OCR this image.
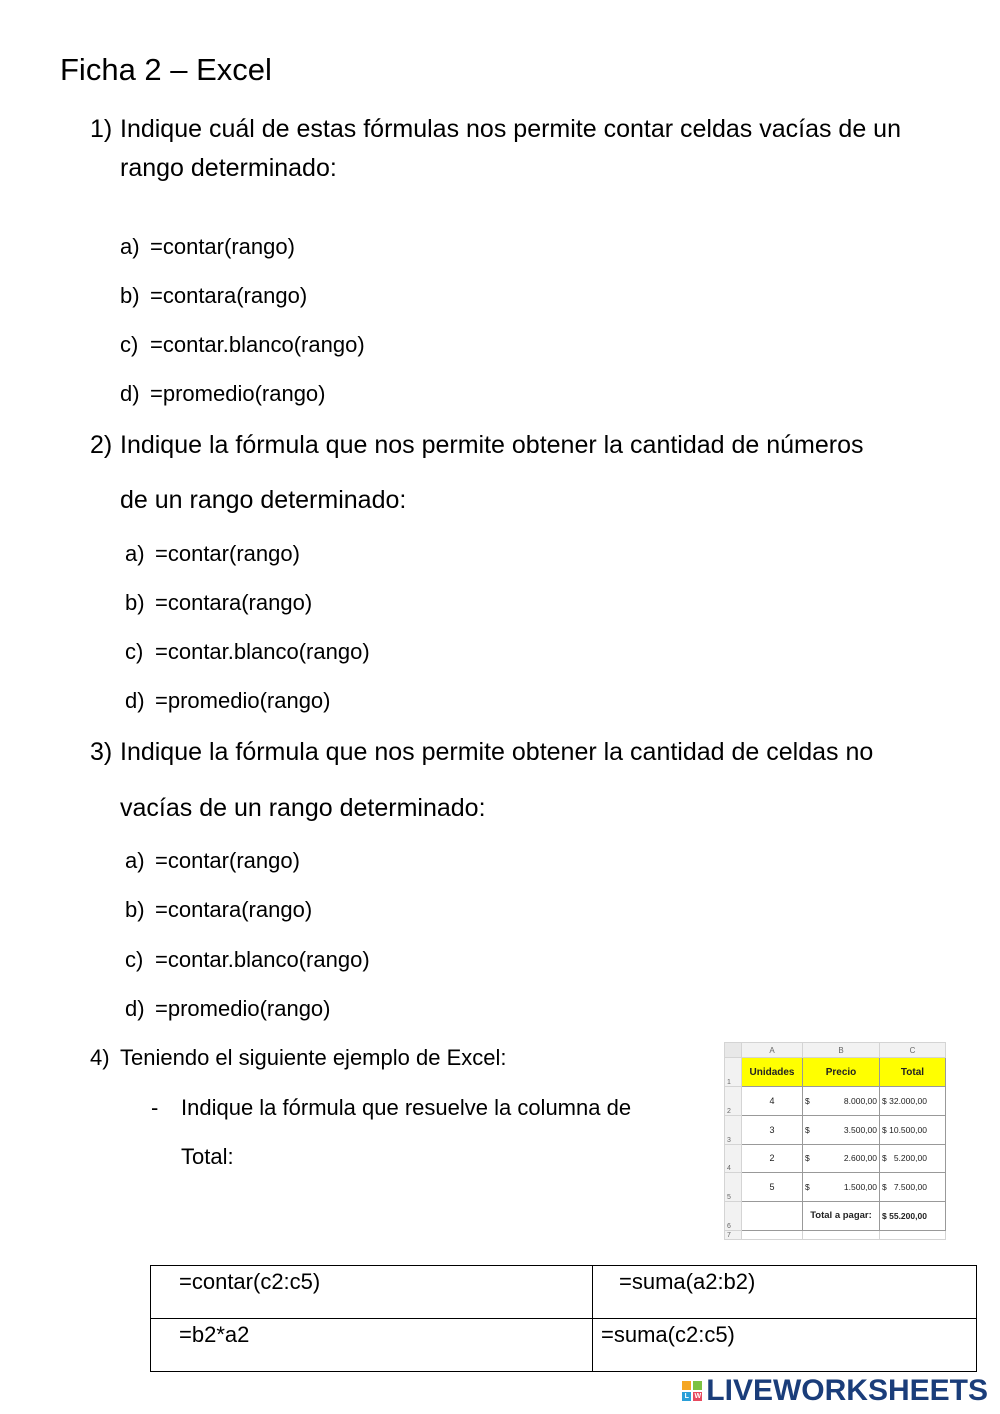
Ficha 2 – Excel
1) Indique cuál de estas fórmulas nos permite contar celdas vacías de un
rango determinado:
a) =contar(rango)
b) =contara(rango)
c) =contar.blanco(rango)
d) =promedio(rango)
2) Indique la fórmula que nos permite obtener la cantidad de números
de un rango determinado:
a) =contar(rango)
b) =contara(rango)
c) =contar.blanco(rango)
d) =promedio(rango)
3) Indique la fórmula que nos permite obtener la cantidad de celdas no
vacías de un rango determinado:
a) =contar(rango)
b) =contara(rango)
c) =contar.blanco(rango)
d) =promedio(rango)
4) Teniendo el siguiente ejemplo de Excel:
- Indique la fórmula que resuelve la columna de
Total:
	A	B	C
1	Unidades	Precio	Total
2	4	$ 8.000,00	$ 32.000,00
3	3	$ 3.500,00	$ 10.500,00
4	2	$ 2.600,00	$ 5.200,00
5	5	$ 1.500,00	$ 7.500,00
6		Total a pagar:	$ 55.200,00
7			
=contar(c2:c5)	=suma(a2:b2)
=b2*a2	=suma(c2:c5)
L W LIVEWORKSHEETS
